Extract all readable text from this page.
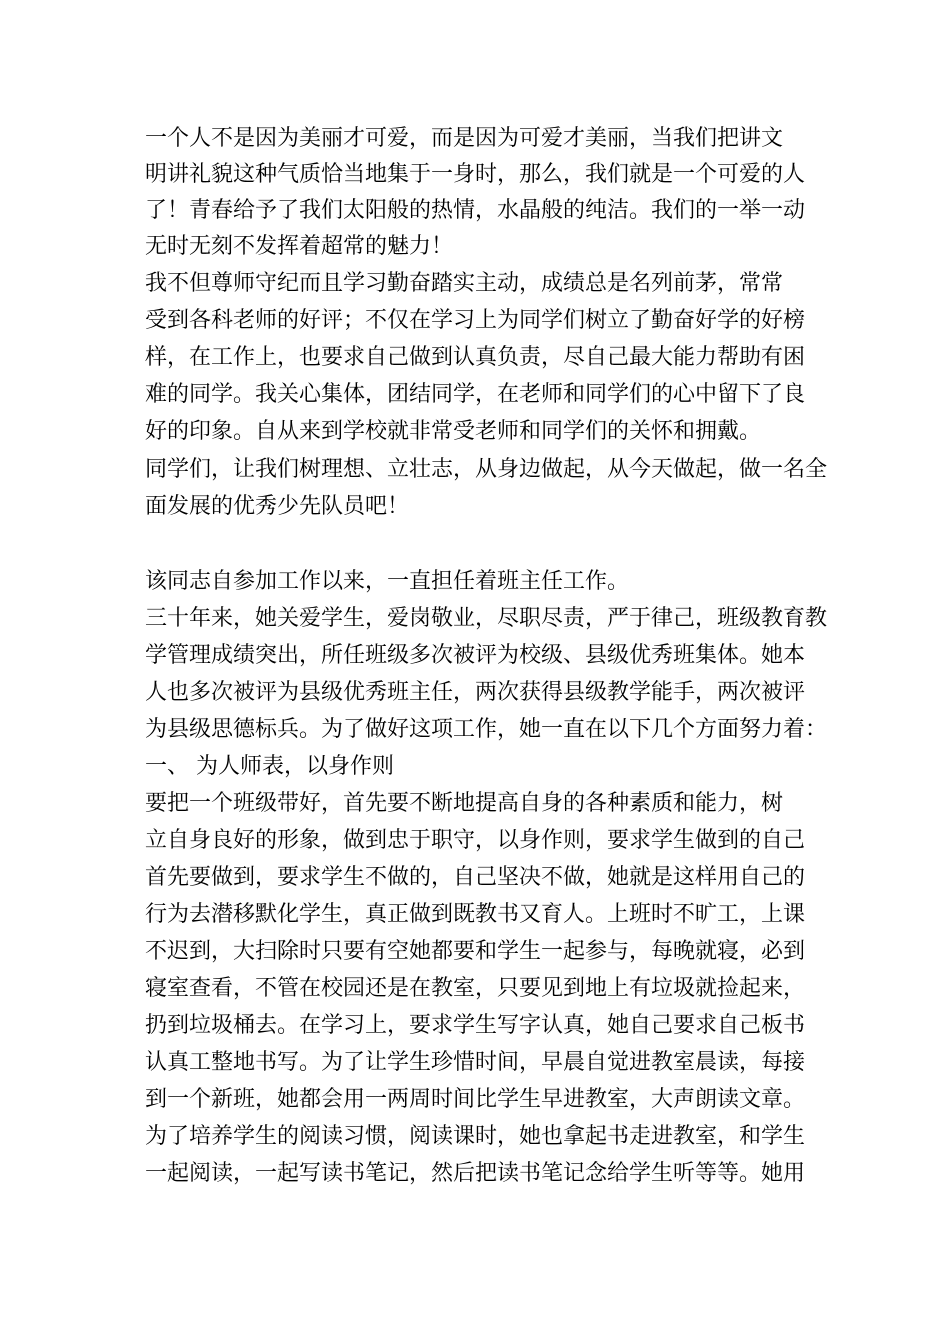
一个人不是因为美丽才可爱，而是因为可爱才美丽，当我们把讲文
明讲礼貌这种气质恰当地集于一身时，那么，我们就是一个可爱的人
了！青春给予了我们太阳般的热情，水晶般的纯洁。我们的一举一动
无时无刻不发挥着超常的魅力！
我不但尊师守纪而且学习勤奋踏实主动，成绩总是名列前茅，常常
受到各科老师的好评；不仅在学习上为同学们树立了勤奋好学的好榜
样，在工作上，也要求自己做到认真负责，尽自己最大能力帮助有困
难的同学。我关心集体，团结同学，在老师和同学们的心中留下了良
好的印象。自从来到学校就非常受老师和同学们的关怀和拥戴。
同学们，让我们树理想、立壮志，从身边做起，从今天做起，做一名全
面发展的优秀少先队员吧！
该同志自参加工作以来，一直担任着班主任工作。
三十年来，她关爱学生，爱岗敬业，尽职尽责，严于律己，班级教育教
学管理成绩突出，所任班级多次被评为校级、县级优秀班集体。她本
人也多次被评为县级优秀班主任，两次获得县级教学能手，两次被评
为县级思德标兵。为了做好这项工作，她一直在以下几个方面努力着：
一、 为人师表，以身作则
要把一个班级带好，首先要不断地提高自身的各种素质和能力，树
立自身良好的形象，做到忠于职守，以身作则，要求学生做到的自己
首先要做到，要求学生不做的，自己坚决不做，她就是这样用自己的
行为去潜移默化学生，真正做到既教书又育人。上班时不旷工，上课
不迟到，大扫除时只要有空她都要和学生一起参与，每晚就寝，必到
寝室查看，不管在校园还是在教室，只要见到地上有垃圾就捡起来，
扔到垃圾桶去。在学习上，要求学生写字认真，她自己要求自己板书
认真工整地书写。为了让学生珍惜时间，早晨自觉进教室晨读，每接
到一个新班，她都会用一两周时间比学生早进教室，大声朗读文章。
为了培养学生的阅读习惯，阅读课时，她也拿起书走进教室，和学生
一起阅读，一起写读书笔记，然后把读书笔记念给学生听等等。她用
